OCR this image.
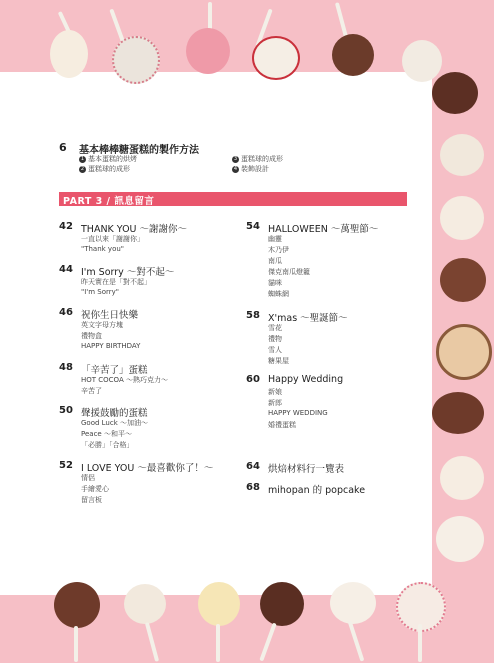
6 基本棒棒糖蛋糕的製作方法
1 基本蛋糕的烘烤
2 蛋糕球的成形
3 蛋糕球的成形
4 裝飾設計
PART 3 / 訊息留言
42 THANK YOU ～謝謝你～
一直以來「謝謝你」
"Thank you"
44 I'm Sorry ～對不起～
昨天實在是「對不起」
"I'm Sorry"
46 祝你生日快樂
英文字母方塊
禮物盒
HAPPY BIRTHDAY
48 「辛苦了」蛋糕
HOT COCOA ～熱巧克力～
辛苦了
50 聲援鼓勵的蛋糕
Good Luck ～加油～
Peace ～和平～
「必勝」「合格」
52 I LOVE YOU ～最喜歡你了！～
情侶
手繪愛心
留言板
54 HALLOWEEN ～萬聖節～
幽靈
木乃伊
南瓜
傑克南瓜燈籠
貓咪
蜘蛛網
58 X'mas ～聖誕節～
雪花
禮物
雪人
糖果屋
60 Happy Wedding
新娘
新郎
HAPPY WEDDING
婚禮蛋糕
64 烘焙材料行一覽表
68 mihopan 的 popcake
